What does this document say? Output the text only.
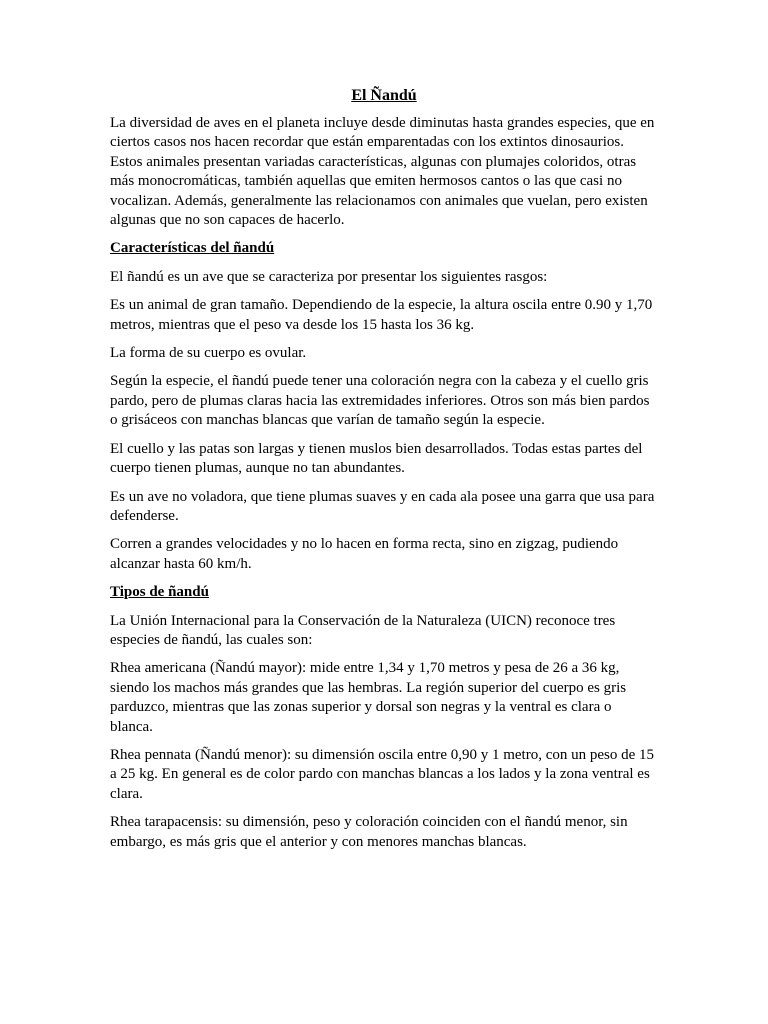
El Ñandú

La diversidad de aves en el planeta incluye desde diminutas hasta grandes especies, que en ciertos casos nos hacen recordar que están emparentadas con los extintos dinosaurios. Estos animales presentan variadas características, algunas con plumajes coloridos, otras más monocromáticas, también aquellas que emiten hermosos cantos o las que casi no vocalizan. Además, generalmente las relacionamos con animales que vuelan, pero existen algunas que no son capaces de hacerlo.

Características del ñandú

El ñandú es un ave que se caracteriza por presentar los siguientes rasgos:

Es un animal de gran tamaño. Dependiendo de la especie, la altura oscila entre 0.90 y 1,70 metros, mientras que el peso va desde los 15 hasta los 36 kg.

La forma de su cuerpo es ovular.

Según la especie, el ñandú puede tener una coloración negra con la cabeza y el cuello gris pardo, pero de plumas claras hacia las extremidades inferiores. Otros son más bien pardos o grisáceos con manchas blancas que varían de tamaño según la especie.

El cuello y las patas son largas y tienen muslos bien desarrollados. Todas estas partes del cuerpo tienen plumas, aunque no tan abundantes.

Es un ave no voladora, que tiene plumas suaves y en cada ala posee una garra que usa para defenderse.

Corren a grandes velocidades y no lo hacen en forma recta, sino en zigzag, pudiendo alcanzar hasta 60 km/h.

Tipos de ñandú

La Unión Internacional para la Conservación de la Naturaleza (UICN) reconoce tres especies de ñandú, las cuales son:

Rhea americana (Ñandú mayor): mide entre 1,34 y 1,70 metros y pesa de 26 a 36 kg, siendo los machos más grandes que las hembras. La región superior del cuerpo es gris parduzco, mientras que las zonas superior y dorsal son negras y la ventral es clara o blanca.

Rhea pennata (Ñandú menor): su dimensión oscila entre 0,90 y 1 metro, con un peso de 15 a 25 kg. En general es de color pardo con manchas blancas a los lados y la zona ventral es clara.

Rhea tarapacensis: su dimensión, peso y coloración coinciden con el ñandú menor, sin embargo, es más gris que el anterior y con menores manchas blancas.
